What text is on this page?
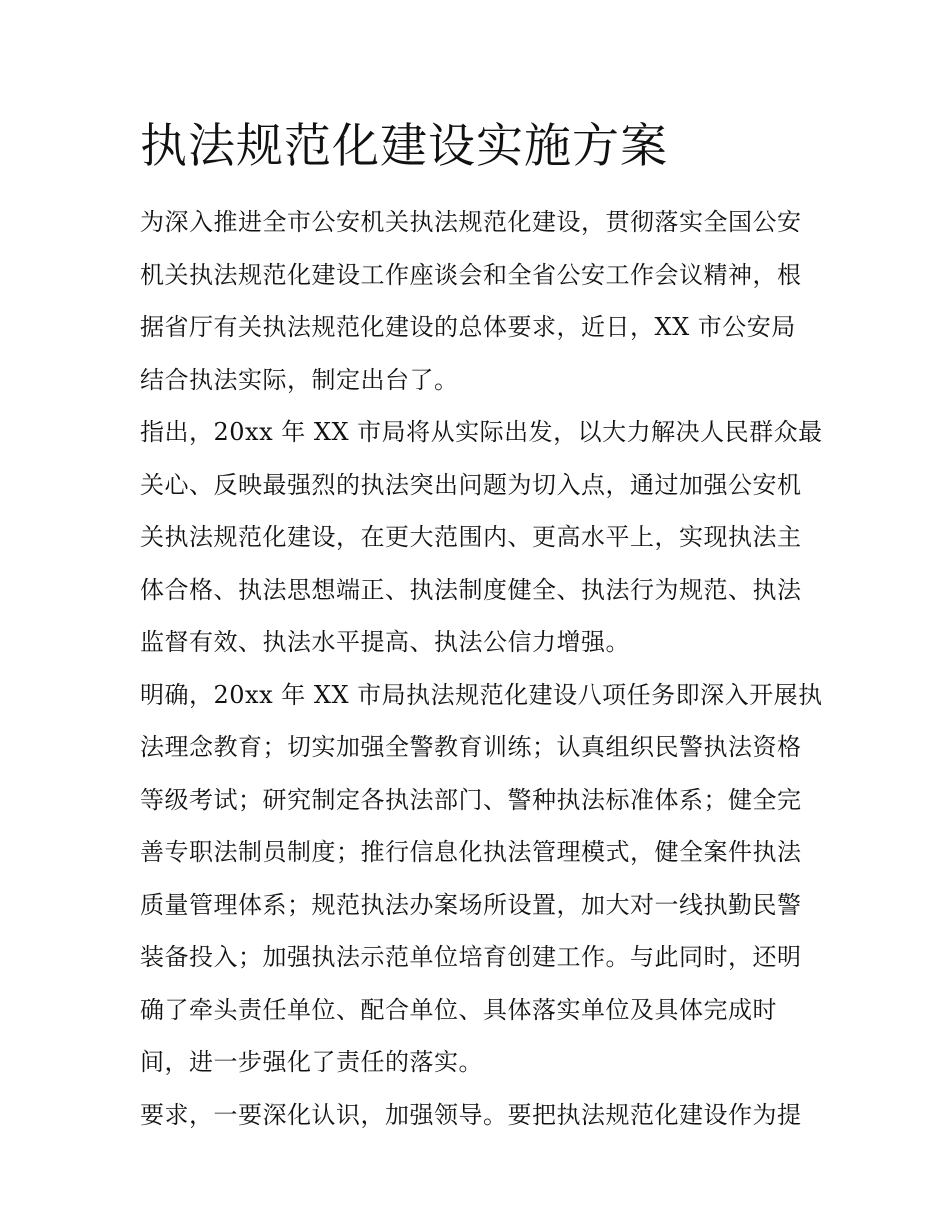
执法规范化建设实施方案
为深入推进全市公安机关执法规范化建设，贯彻落实全国公安
机关执法规范化建设工作座谈会和全省公安工作会议精神，根
据省厅有关执法规范化建设的总体要求，近日，XX 市公安局
结合执法实际，制定出台了。
指出，20xx 年 XX 市局将从实际出发，以大力解决人民群众最
关心、反映最强烈的执法突出问题为切入点，通过加强公安机
关执法规范化建设，在更大范围内、更高水平上，实现执法主
体合格、执法思想端正、执法制度健全、执法行为规范、执法
监督有效、执法水平提高、执法公信力增强。
明确，20xx 年 XX 市局执法规范化建设八项任务即深入开展执
法理念教育；切实加强全警教育训练；认真组织民警执法资格
等级考试；研究制定各执法部门、警种执法标准体系；健全完
善专职法制员制度；推行信息化执法管理模式，健全案件执法
质量管理体系；规范执法办案场所设置，加大对一线执勤民警
装备投入；加强执法示范单位培育创建工作。与此同时，还明
确了牵头责任单位、配合单位、具体落实单位及具体完成时
间，进一步强化了责任的落实。
要求，一要深化认识，加强领导。要把执法规范化建设作为提
